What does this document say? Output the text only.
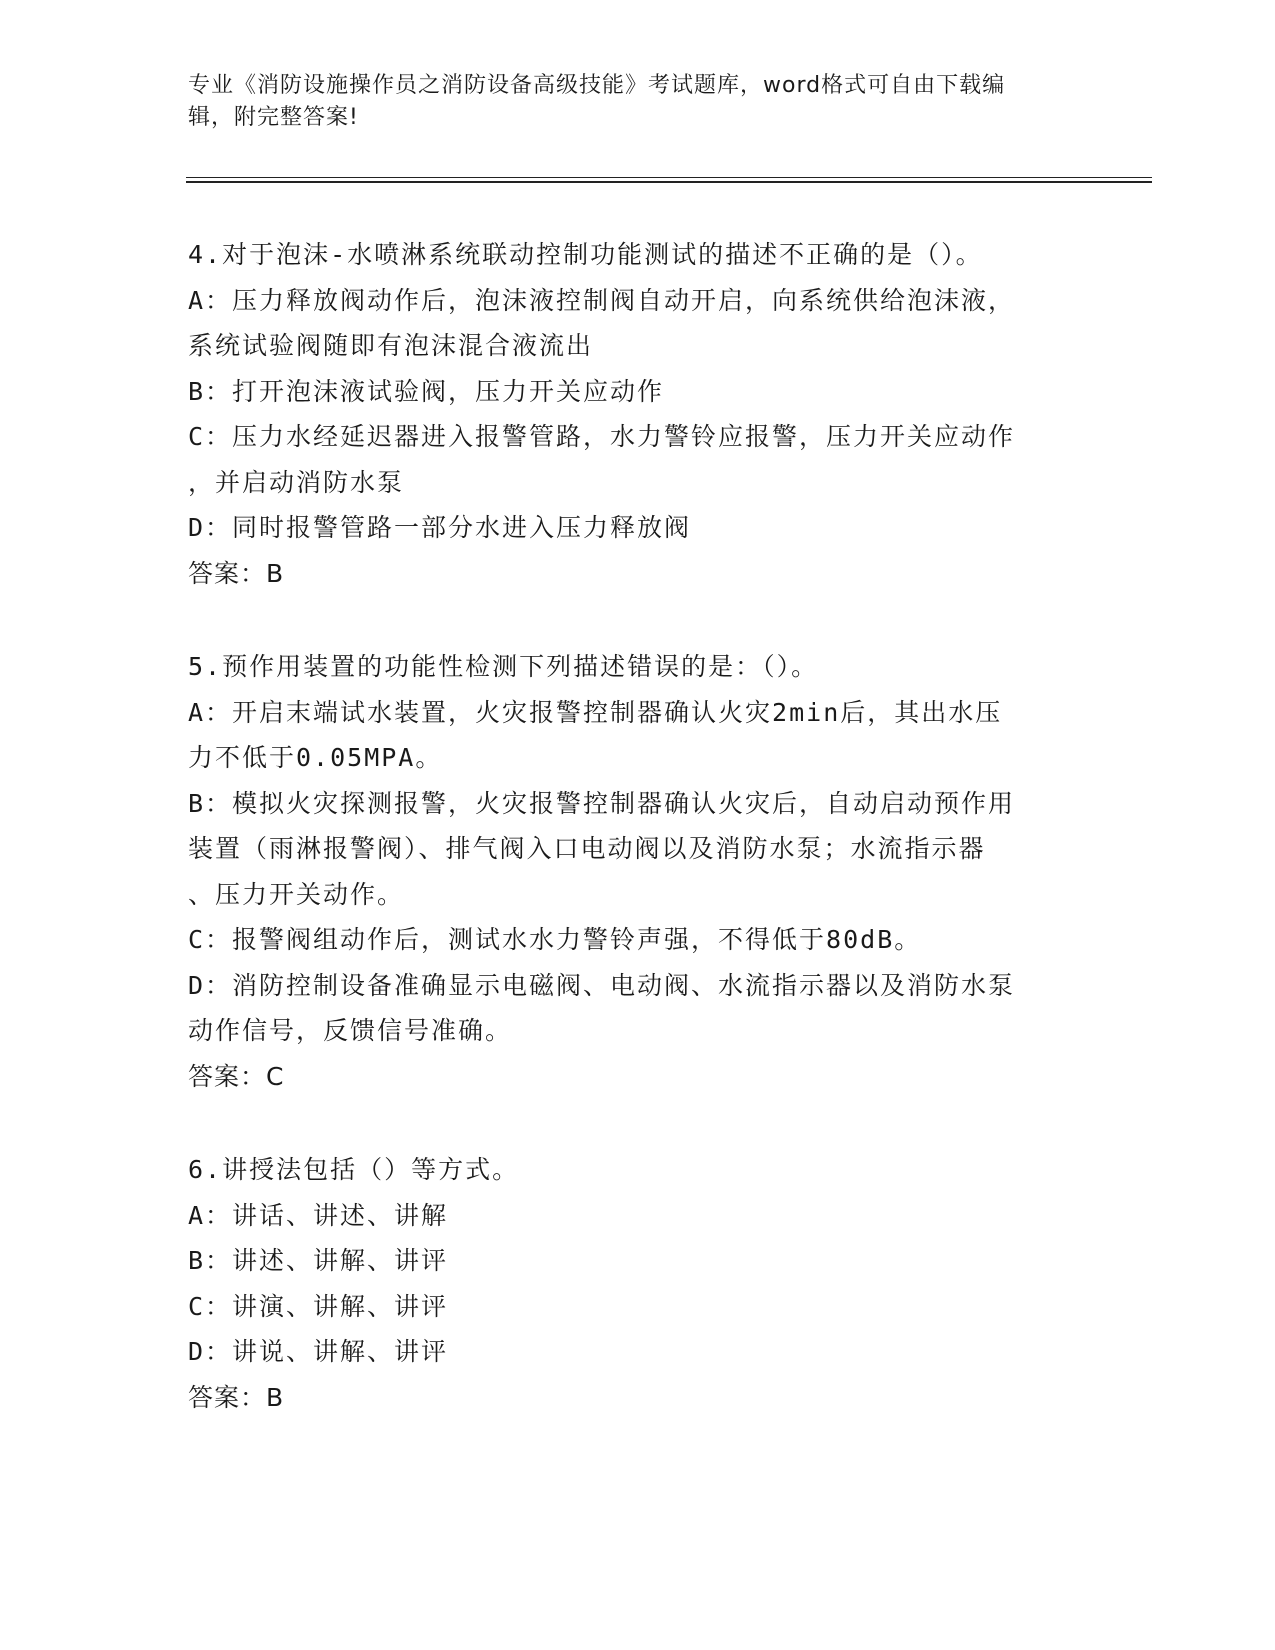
专业《消防设施操作员之消防设备高级技能》考试题库，word格式可自由下载编
辑，附完整答案!
4.对于泡沫-水喷淋系统联动控制功能测试的描述不正确的是（）。
A：压力释放阀动作后，泡沫液控制阀自动开启，向系统供给泡沫液，
系统试验阀随即有泡沫混合液流出
B：打开泡沫液试验阀，压力开关应动作
C：压力水经延迟器进入报警管路，水力警铃应报警，压力开关应动作
，并启动消防水泵
D：同时报警管路一部分水进入压力释放阀
答案：B
5.预作用装置的功能性检测下列描述错误的是：（）。
A：开启末端试水装置，火灾报警控制器确认火灾2min后，其出水压
力不低于0.05MPA。
B：模拟火灾探测报警，火灾报警控制器确认火灾后，自动启动预作用
装置（雨淋报警阀）、排气阀入口电动阀以及消防水泵；水流指示器
、压力开关动作。
C：报警阀组动作后，测试水水力警铃声强，不得低于80dB。
D：消防控制设备准确显示电磁阀、电动阀、水流指示器以及消防水泵
动作信号，反馈信号准确。
答案：C
6.讲授法包括（）等方式。
A：讲话、讲述、讲解
B：讲述、讲解、讲评
C：讲演、讲解、讲评
D：讲说、讲解、讲评
答案：B
